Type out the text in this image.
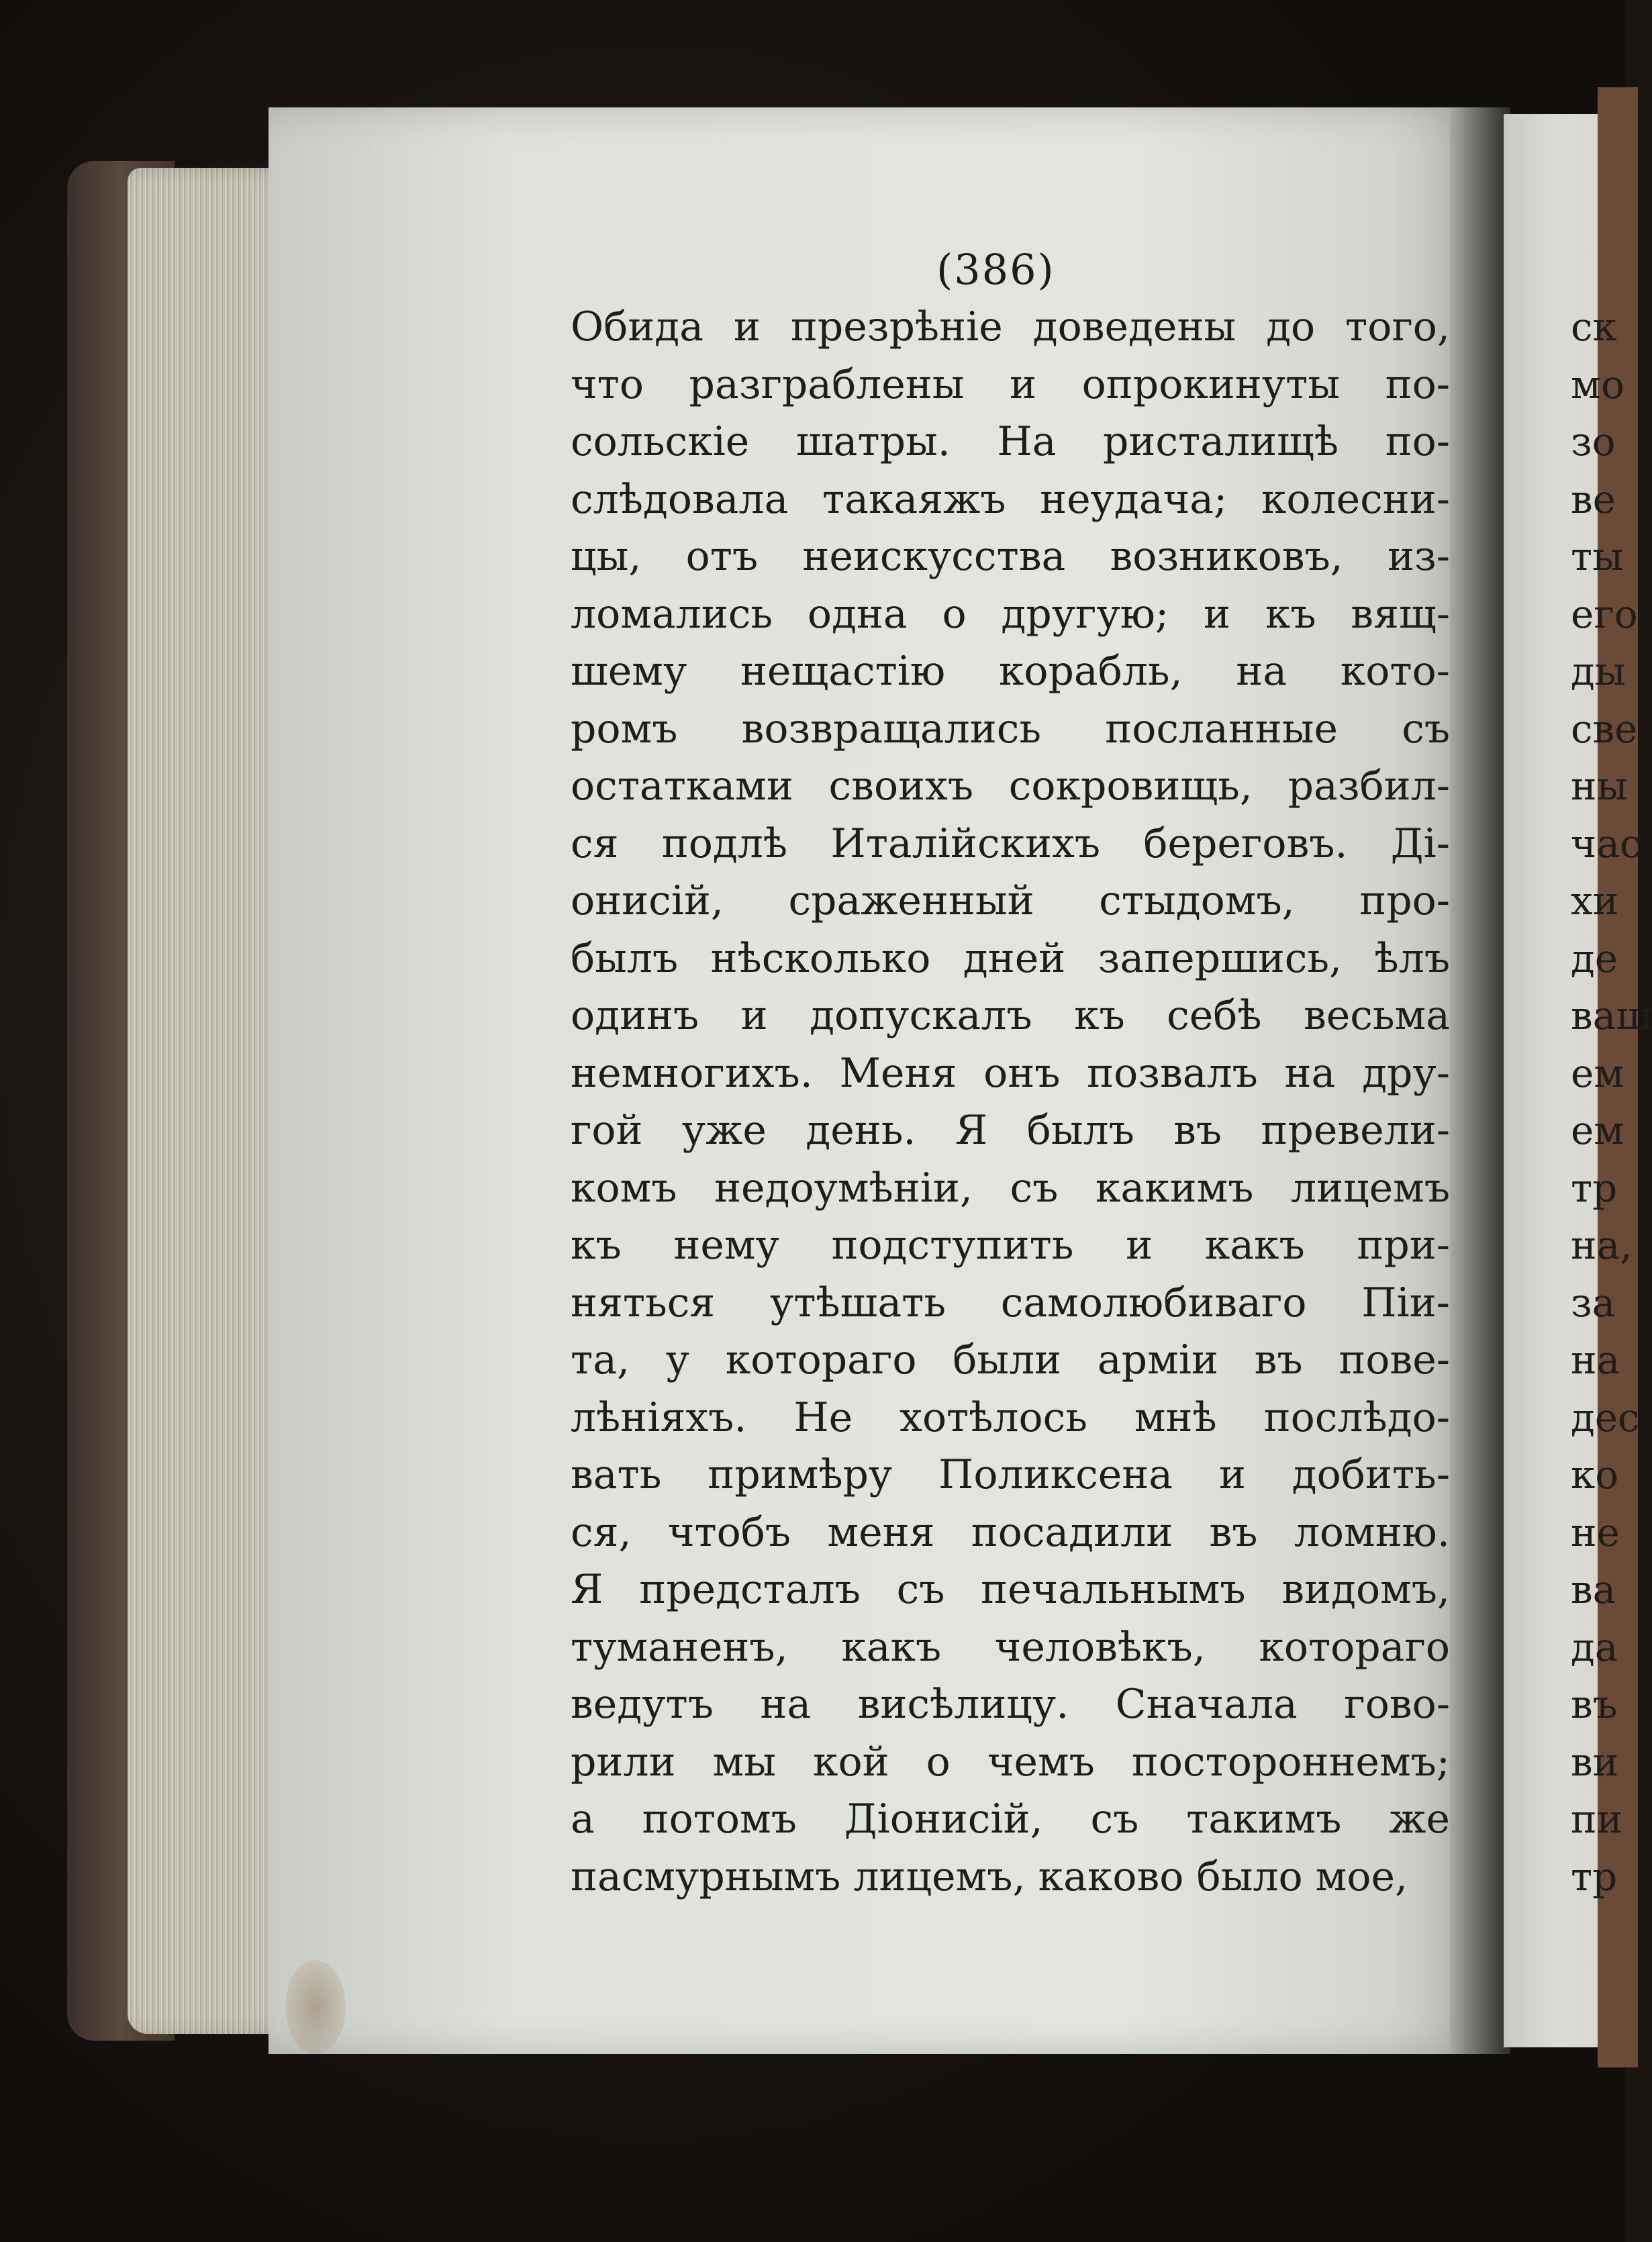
(386)
Обида и презрѣніе доведены до того,
что разграблены и опрокинуты по-
сольскіе шатры. На ристалищѣ по-
слѣдовала такаяжъ неудача; колесни-
цы, отъ неискусства возниковъ, из-
ломались одна о другую; и къ вящ-
шему нещастію корабль, на кото-
ромъ возвращались посланные съ
остатками своихъ сокровищь, разбил-
ся подлѣ Италійскихъ береговъ. Ді-
онисій, сраженный стыдомъ, про-
былъ нѣсколько дней запершись, ѣлъ
одинъ и допускалъ къ себѣ весьма
немногихъ. Меня онъ позвалъ на дру-
гой уже день. Я былъ въ превели-
комъ недоумѣніи, съ какимъ лицемъ
къ нему подступить и какъ при-
няться утѣшать самолюбиваго Піи-
та, у котораго были арміи въ пове-
лѣніяхъ. Не хотѣлось мнѣ послѣдо-
вать примѣру Поликсена и добить-
ся, чтобъ меня посадили въ ломню.
Я предсталъ съ печальнымъ видомъ,
туманенъ, какъ человѣкъ, котораго
ведутъ на висѣлицу. Сначала гово-
рили мы кой о чемъ постороннемъ;
а потомъ Діонисій, съ такимъ же
пасмурнымъ лицемъ, каково было мое,
ск
мо
зо
ве
ты
его
ды
све
ны
час
хи
де
ваш
ем
ем
тр
на,
за
на
дес
ко
не
ва
да
въ
ви
пи
тр
